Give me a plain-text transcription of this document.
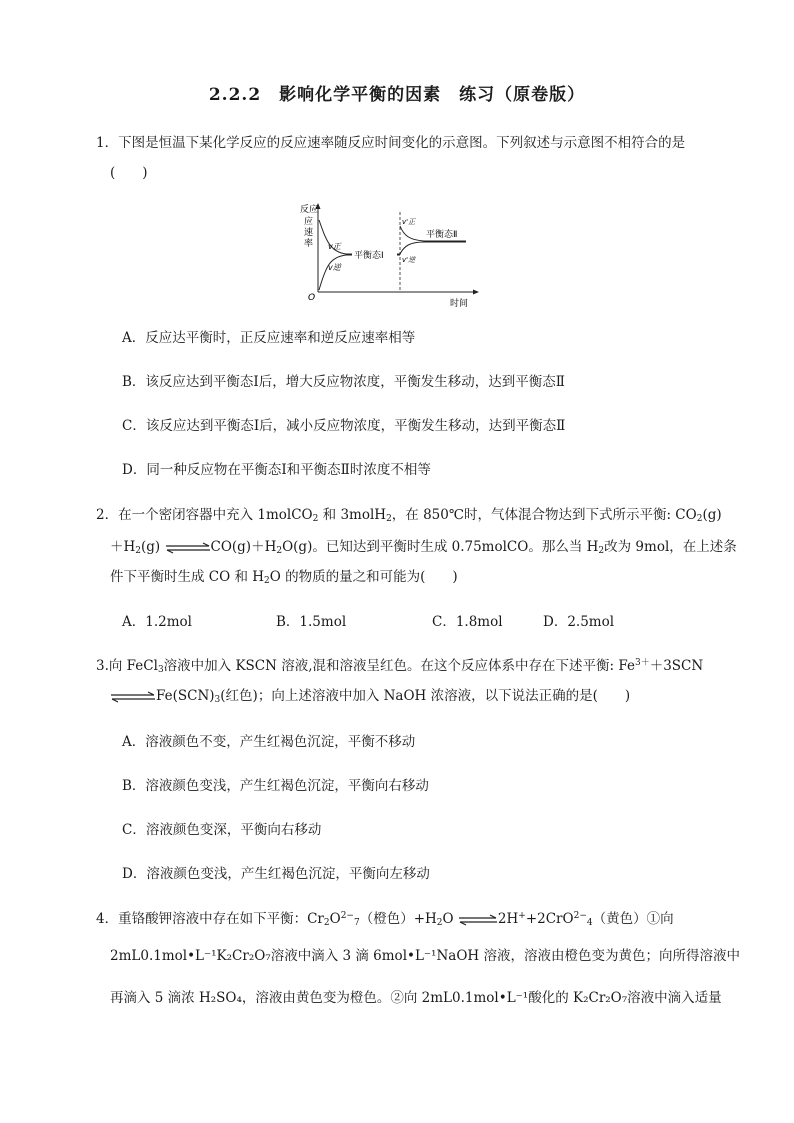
2.2.2　影响化学平衡的因素　练习（原卷版）
1．下图是恒温下某化学反应的反应速率随反应时间变化的示意图。下列叙述与示意图不相符合的是
(　　)
反应
应
速
率
O
时间
v正
v逆
平衡态Ⅰ
v'正
v'逆
平衡态Ⅱ
A．反应达平衡时，正反应速率和逆反应速率相等
B．该反应达到平衡态Ⅰ后，增大反应物浓度，平衡发生移动，达到平衡态Ⅱ
C．该反应达到平衡态Ⅰ后，减小反应物浓度，平衡发生移动，达到平衡态Ⅱ
D．同一种反应物在平衡态Ⅰ和平衡态Ⅱ时浓度不相等
2．在一个密闭容器中充入 1molCO$_2$ 和 3molH$_2$，在 850℃时，气体混合物达到下式所示平衡: $CO_2(g)$
$+H_2(g)$ $\rightleftharpoons CO(g)+H_2O(g)$。已知达到平衡时生成 0.75molCO。那么当 $H_2$改为 9mol，在上述条
件下平衡时生成 CO 和 $H_2O$ 的物质的量之和可能为(　　)
A．1.2mol	B．1.5mol	C．1.8mol	D．2.5mol
3.向 FeCl$_3$溶液中加入 KSCN 溶液,混和溶液呈红色。在这个反应体系中存在下述平衡: $Fe^{3+}+3SCN$
$\rightleftharpoons Fe(SCN)_3$(红色)；向上述溶液中加入 NaOH 浓溶液，以下说法正确的是(　　)
A．溶液颜色不变，产生红褐色沉淀，平衡不移动
B．溶液颜色变浅，产生红褐色沉淀，平衡向右移动
C．溶液颜色变深，平衡向右移动
D．溶液颜色变浅，产生红褐色沉淀，平衡向左移动
4．重铬酸钾溶液中存在如下平衡：$Cr_2O^{2-}_7$（橙色）$+H_2O$ ⇌2H++2CrO$^{2-}_4$（黄色）①向
2mL0.1mol•L⁻¹K₂Cr₂O₇溶液中滴入 3 滴 6mol•L⁻¹NaOH 溶液，溶液由橙色变为黄色；向所得溶液中
再滴入 5 滴浓 H₂SO₄，溶液由黄色变为橙色。②向 2mL0.1mol•L⁻¹酸化的 K₂Cr₂O₇溶液中滴入适量
